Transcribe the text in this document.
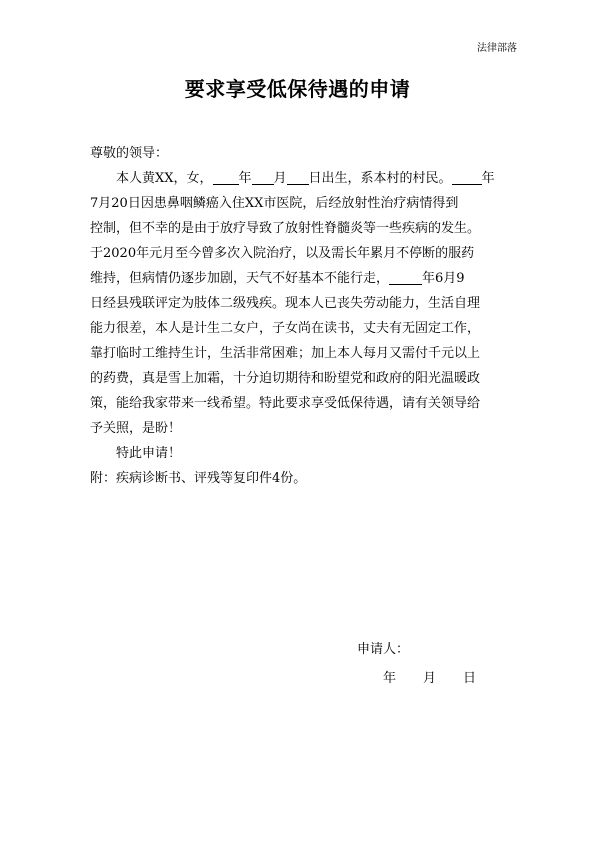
法律部落
要求享受低保待遇的申请

尊敬的领导：

本人黄XX，女， 年 月 日出生，系本村的村民。 年
7月20日因患鼻咽鳞癌入住XX市医院，后经放射性治疗病情得到
控制，但不幸的是由于放疗导致了放射性脊髓炎等一些疾病的发生。
于2020年元月至今曾多次入院治疗，以及需长年累月不停断的服药
维持，但病情仍逐步加剧，天气不好基本不能行走，	年6月9
日经县残联评定为肢体二级残疾。现本人已丧失劳动能力，生活自理
能力很差，本人是计生二女户，子女尚在读书，丈夫有无固定工作，
靠打临时工维持生计，生活非常困难；加上本人每月又需付千元以上
的药费，真是雪上加霜，十分迫切期待和盼望党和政府的阳光温暖政
策，能给我家带来一线希望。特此要求享受低保待遇，请有关领导给
予关照，是盼！

特此申请！

附：疾病诊断书、评残等复印件4份。

申请人：
年 月 日
